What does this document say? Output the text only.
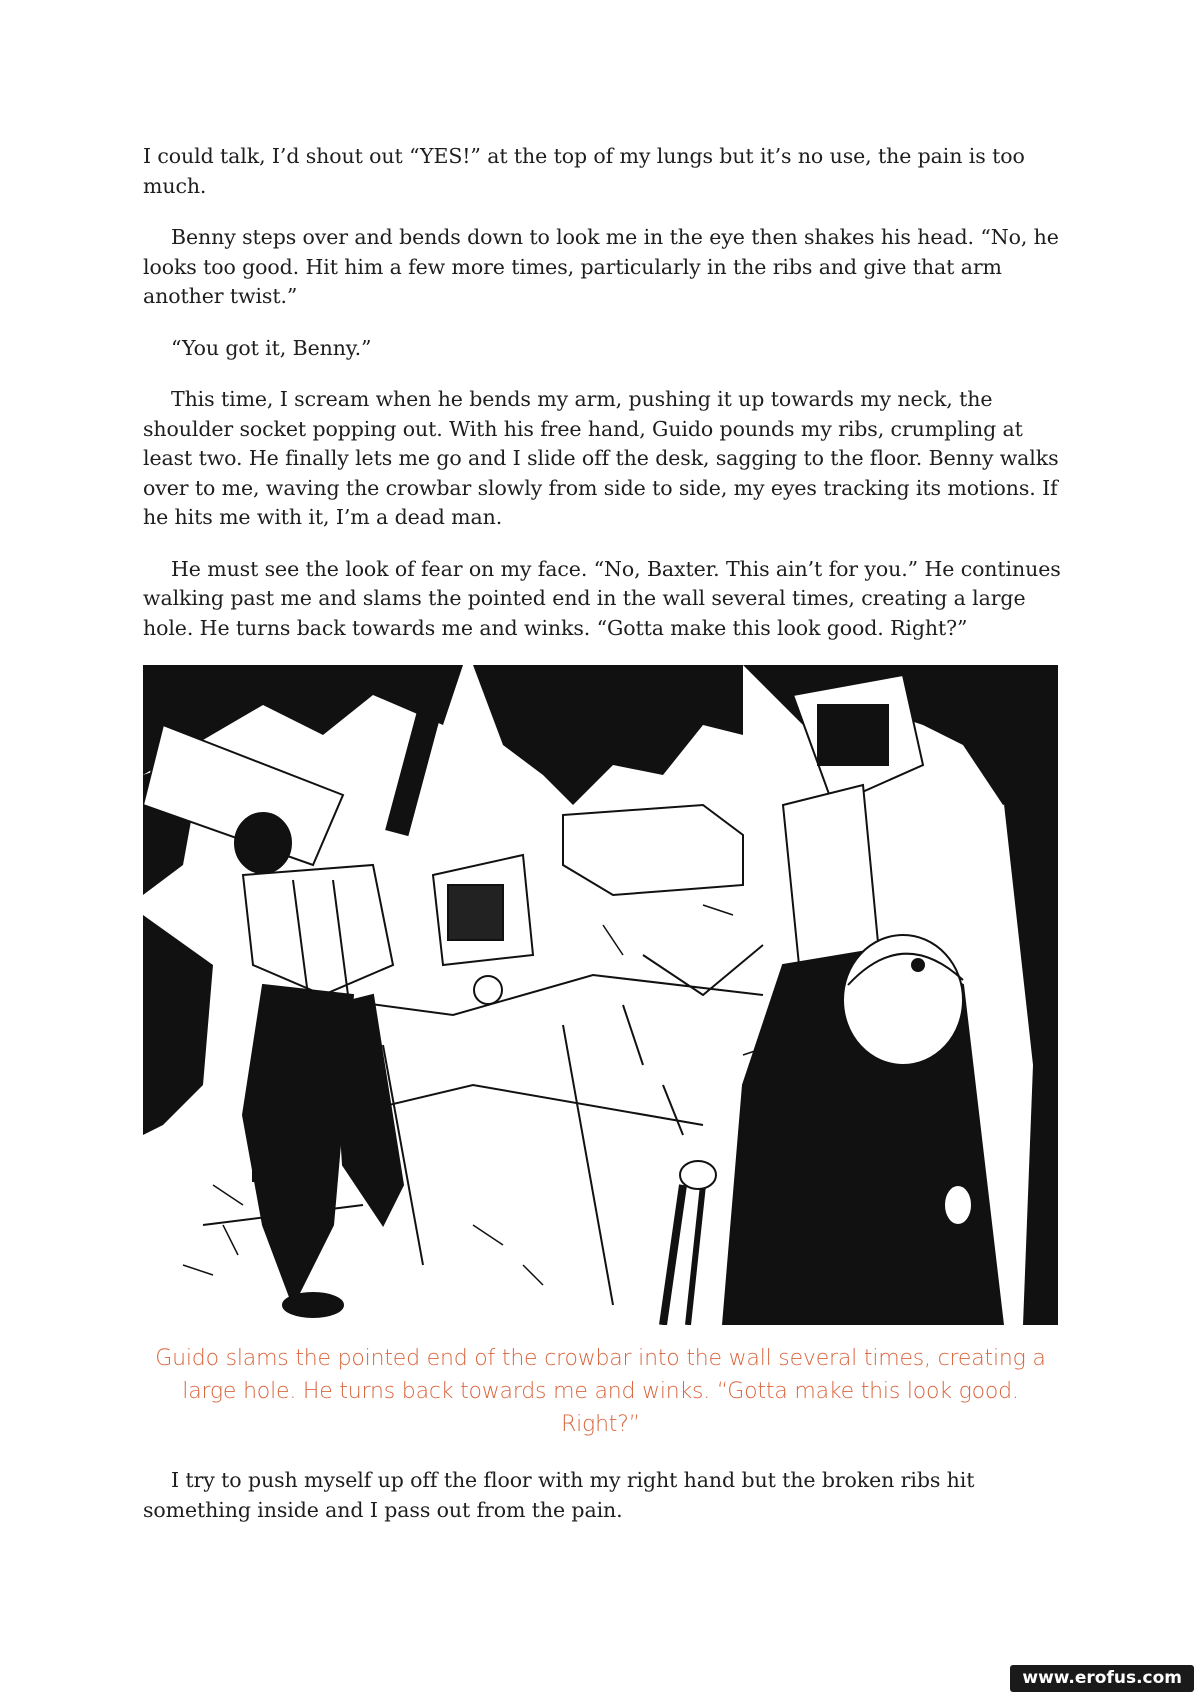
I could talk, I’d shout out “YES!” at the top of my lungs but it’s no use, the pain is too much.

Benny steps over and bends down to look me in the eye then shakes his head. “No, he looks too good. Hit him a few more times, particularly in the ribs and give that arm another twist.”

“You got it, Benny.”

This time, I scream when he bends my arm, pushing it up towards my neck, the shoulder socket popping out. With his free hand, Guido pounds my ribs, crumpling at least two. He finally lets me go and I slide off the desk, sagging to the floor. Benny walks over to me, waving the crowbar slowly from side to side, my eyes tracking its motions. If he hits me with it, I’m a dead man.

He must see the look of fear on my face. “No, Baxter. This ain’t for you.” He continues walking past me and slams the pointed end in the wall several times, creating a large hole. He turns back towards me and winks. “Gotta make this look good. Right?”

Guido slams the pointed end of the crowbar into the wall several times, creating a large hole. He turns back towards me and winks. “Gotta make this look good. Right?”

I try to push myself up off the floor with my right hand but the broken ribs hit something inside and I pass out from the pain.

www.erofus.com
